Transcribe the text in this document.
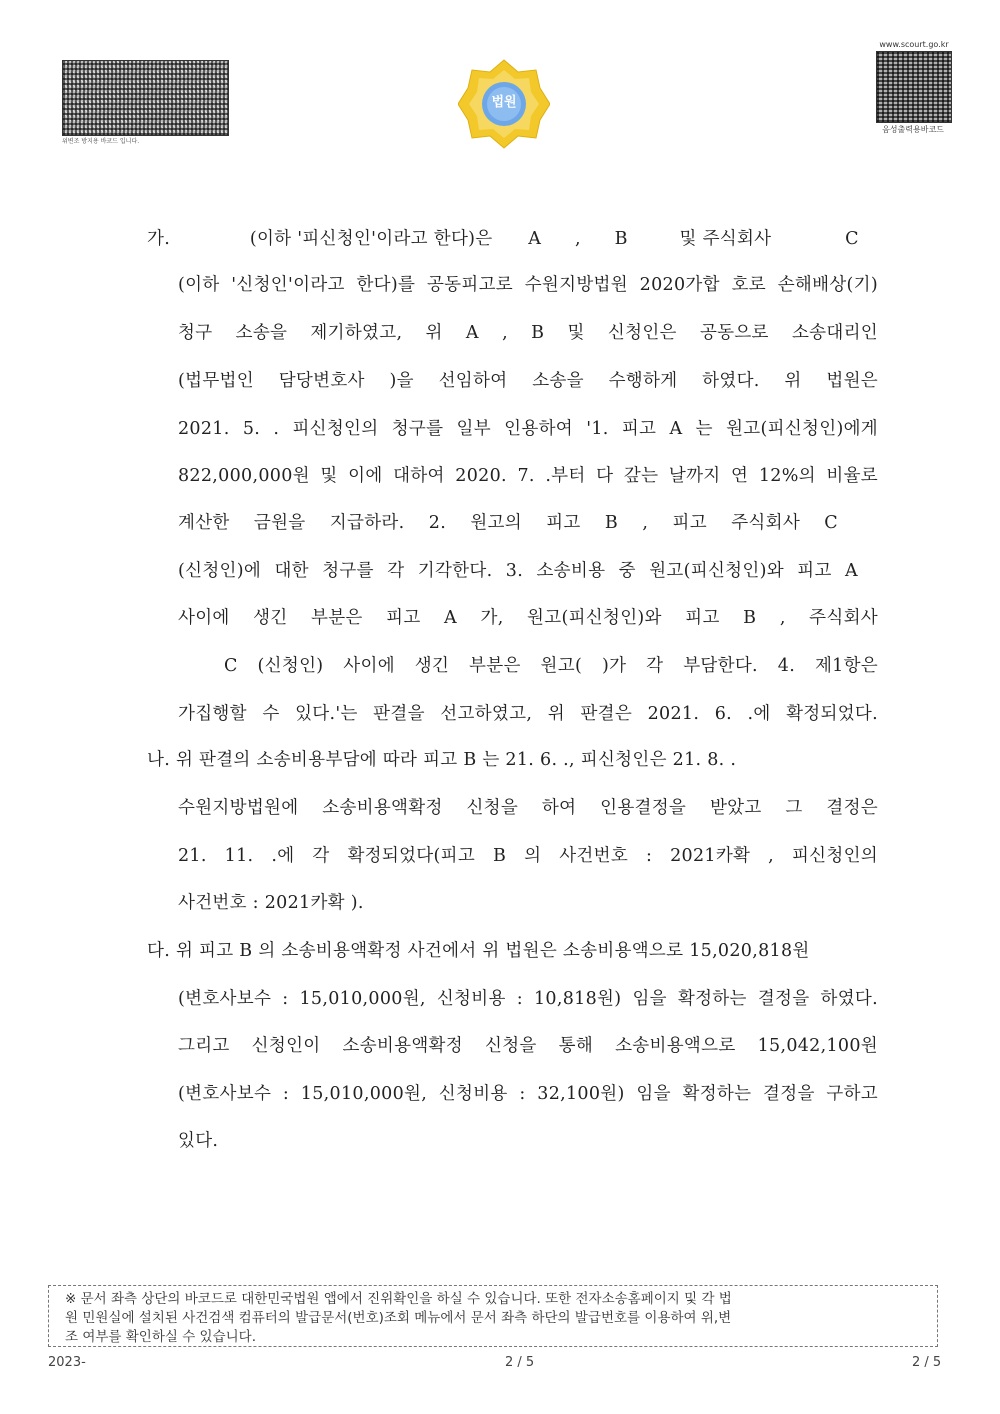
위변조 방지용 바코드 입니다.
법원
www.scourt.go.kr
음성출력용바코드
가.	(이하 '피신청인'이라고 한다)은 A , B	및 주식회사	C
(이하 '신청인'이라고 한다)를 공동피고로 수원지방법원 2020가합 호로 손해배상(기)
청구 소송을 제기하였고, 위 A , B 및 신청인은 공동으로 소송대리인
(법무법인 담당변호사 )을 선임하여 소송을 수행하게 하였다. 위 법원은
2021. 5. . 피신청인의 청구를 일부 인용하여 '1. 피고 A 는 원고(피신청인)에게
822,000,000원 및 이에 대하여 2020. 7. .부터 다 갚는 날까지 연 12%의 비율로
계산한 금원을 지급하라. 2. 원고의 피고 B , 피고 주식회사 C
(신청인)에 대한 청구를 각 기각한다. 3. 소송비용 중 원고(피신청인)와 피고 A
사이에 생긴 부분은 피고 A 가, 원고(피신청인)와 피고 B , 주식회사
C (신청인) 사이에 생긴 부분은 원고( )가 각 부담한다. 4. 제1항은
가집행할 수 있다.'는 판결을 선고하였고, 위 판결은 2021. 6. .에 확정되었다.
나. 위 판결의 소송비용부담에 따라 피고 B 는 21. 6. ., 피신청인은 21. 8. .
수원지방법원에 소송비용액확정 신청을 하여 인용결정을 받았고 그 결정은
21. 11. .에 각 확정되었다(피고 B 의 사건번호 : 2021카확 , 피신청인의
사건번호 : 2021카확 ).
다. 위 피고 B 의 소송비용액확정 사건에서 위 법원은 소송비용액으로 15,020,818원
(변호사보수 : 15,010,000원, 신청비용 : 10,818원) 임을 확정하는 결정을 하였다.
그리고 신청인이 소송비용액확정 신청을 통해 소송비용액으로 15,042,100원
(변호사보수 : 15,010,000원, 신청비용 : 32,100원) 임을 확정하는 결정을 구하고
있다.
※ 문서 좌측 상단의 바코드로 대한민국법원 앱에서 진위확인을 하실 수 있습니다. 또한 전자소송홈페이지 및 각 법
원 민원실에 설치된 사건검색 컴퓨터의 발급문서(번호)조회 메뉴에서 문서 좌측 하단의 발급번호를 이용하여 위,변
조 여부를 확인하실 수 있습니다.
2023-	2 / 5	2 / 5
